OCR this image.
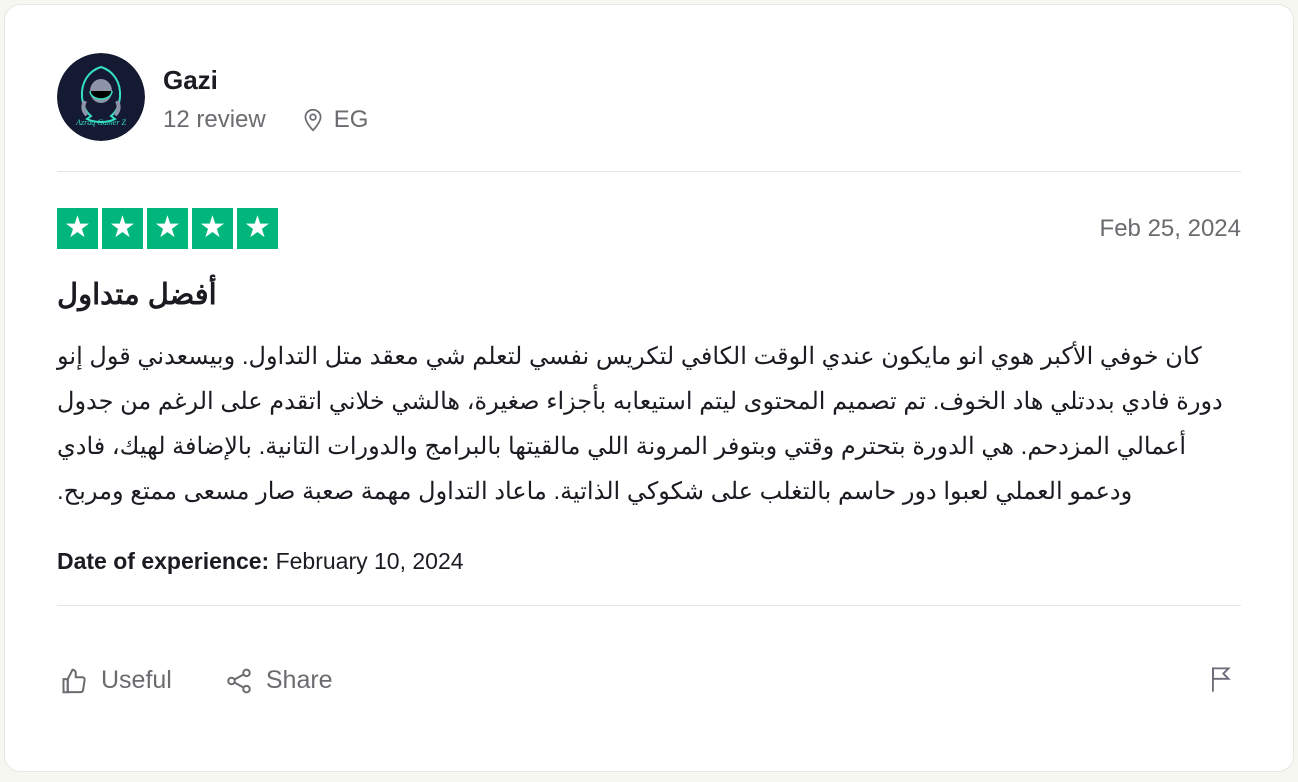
Azraq Gamer Z
Gazi
12 review	EG
★ ★ ★ ★ ★	Feb 25, 2024
أفضل متداول

كان خوفي الأكبر هوي انو مايكون عندي الوقت الكافي لتكريس نفسي لتعلم شي معقد متل التداول. وبيسعدني قول إنو دورة فادي بددتلي هاد الخوف. تم تصميم المحتوى ليتم استيعابه بأجزاء صغيرة، هالشي خلاني اتقدم على الرغم من جدول أعمالي المزدحم. هي الدورة بتحترم وقتي وبتوفر المرونة اللي مالقيتها بالبرامج والدورات التانية. بالإضافة لهيك، فادي ودعمو العملي لعبوا دور حاسم بالتغلب على شكوكي الذاتية. ماعاد التداول مهمة صعبة صار مسعى ممتع ومربح.

Date of experience: February 10, 2024

Useful	Share
